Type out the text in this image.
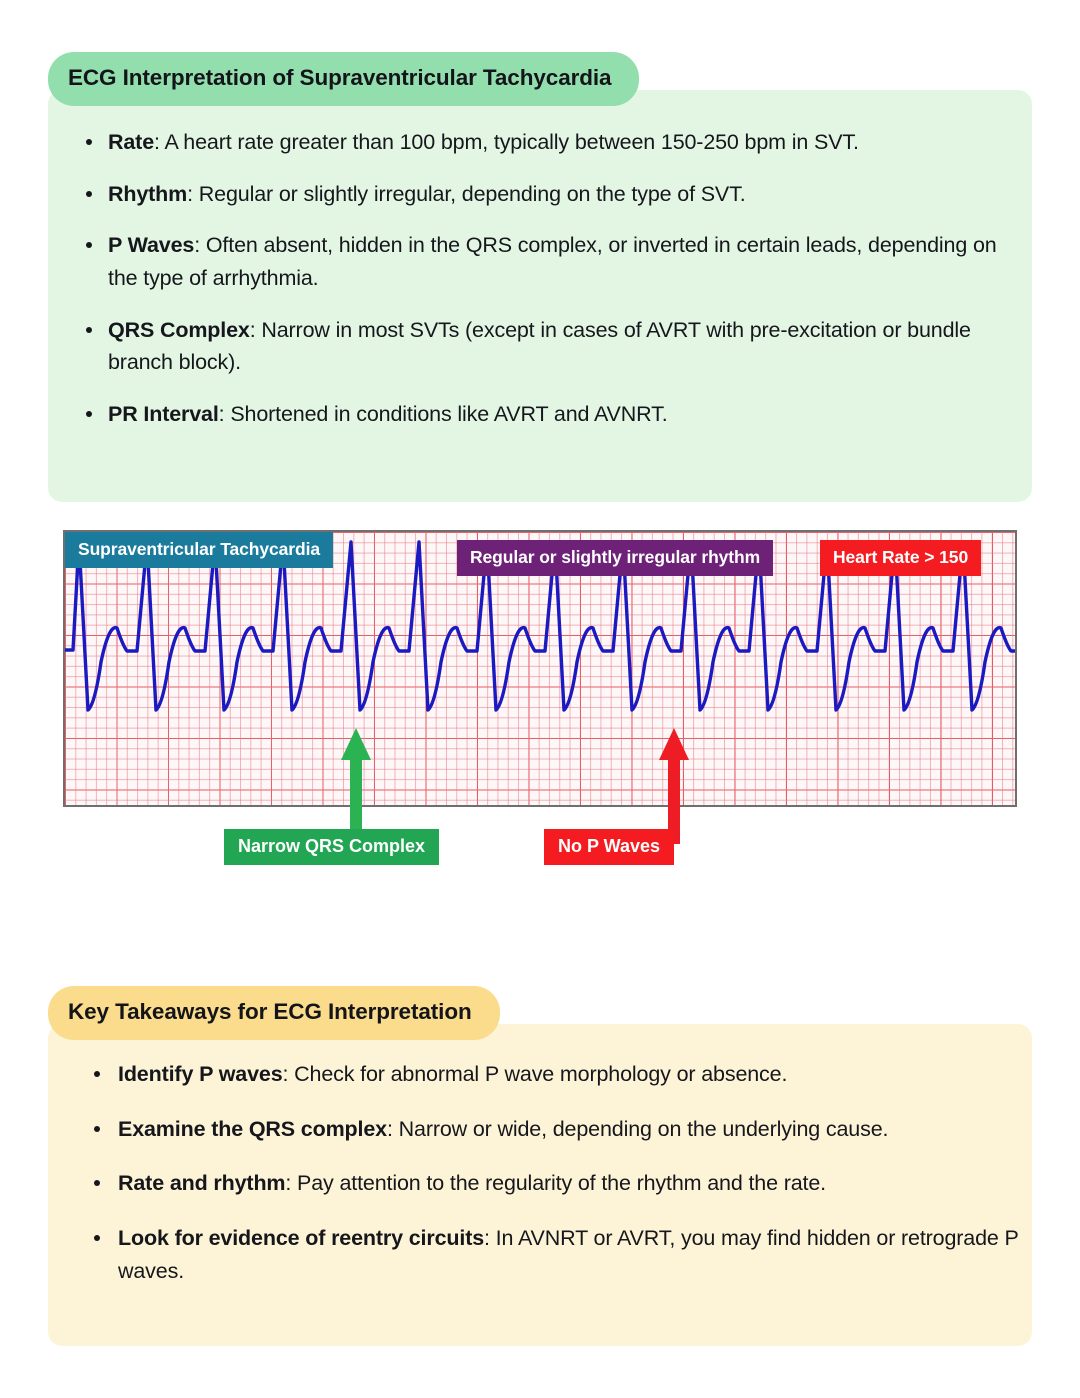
ECG Interpretation of Supraventricular Tachycardia
Rate: A heart rate greater than 100 bpm, typically between 150-250 bpm in SVT.
Rhythm: Regular or slightly irregular, depending on the type of SVT.
P Waves: Often absent, hidden in the QRS complex, or inverted in certain leads, depending on the type of arrhythmia.
QRS Complex: Narrow in most SVTs (except in cases of AVRT with pre-excitation or bundle branch block).
PR Interval: Shortened in conditions like AVRT and AVNRT.
Supraventricular Tachycardia	Regular or slightly irregular rhythm	Heart Rate > 150
Narrow QRS Complex	No P Waves
Key Takeaways for ECG Interpretation
Identify P waves: Check for abnormal P wave morphology or absence.
Examine the QRS complex: Narrow or wide, depending on the underlying cause.
Rate and rhythm: Pay attention to the regularity of the rhythm and the rate.
Look for evidence of reentry circuits: In AVNRT or AVRT, you may find hidden or retrograde P waves.
